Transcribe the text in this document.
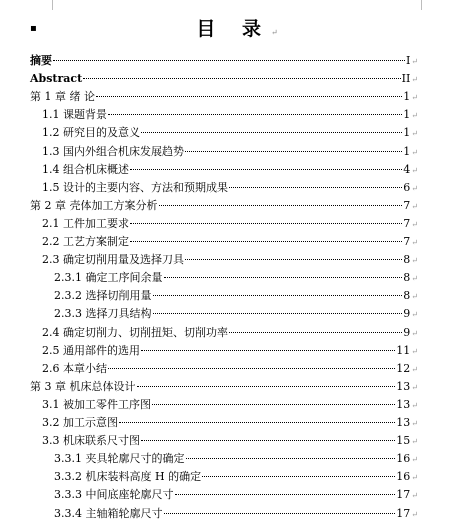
▪	目 录↵
摘要	I ↵
Abstract	II ↵
第 1 章 绪 论	1 ↵
1.1 课题背景	1 ↵
1.2 研究目的及意义	1 ↵
1.3 国内外组合机床发展趋势	1 ↵
1.4 组合机床概述	4 ↵
1.5 设计的主要内容、方法和预期成果	6 ↵
第 2 章 壳体加工方案分析	7 ↵
2.1 工件加工要求	7 ↵
2.2 工艺方案制定	7 ↵
2.3 确定切削用量及选择刀具	8 ↵
2.3.1 确定工序间余量	8 ↵
2.3.2 选择切削用量	8 ↵
2.3.3 选择刀具结构	9 ↵
2.4 确定切削力、切削扭矩、切削功率	9 ↵
2.5 通用部件的选用	11 ↵
2.6 本章小结	12 ↵
第 3 章 机床总体设计	13 ↵
3.1 被加工零件工序图	13 ↵
3.2 加工示意图	13 ↵
3.3 机床联系尺寸图	15 ↵
3.3.1 夹具轮廓尺寸的确定	16 ↵
3.3.2 机床装料高度 H 的确定	16 ↵
3.3.3 中间底座轮廓尺寸	17 ↵
3.3.4 主轴箱轮廓尺寸	17 ↵
